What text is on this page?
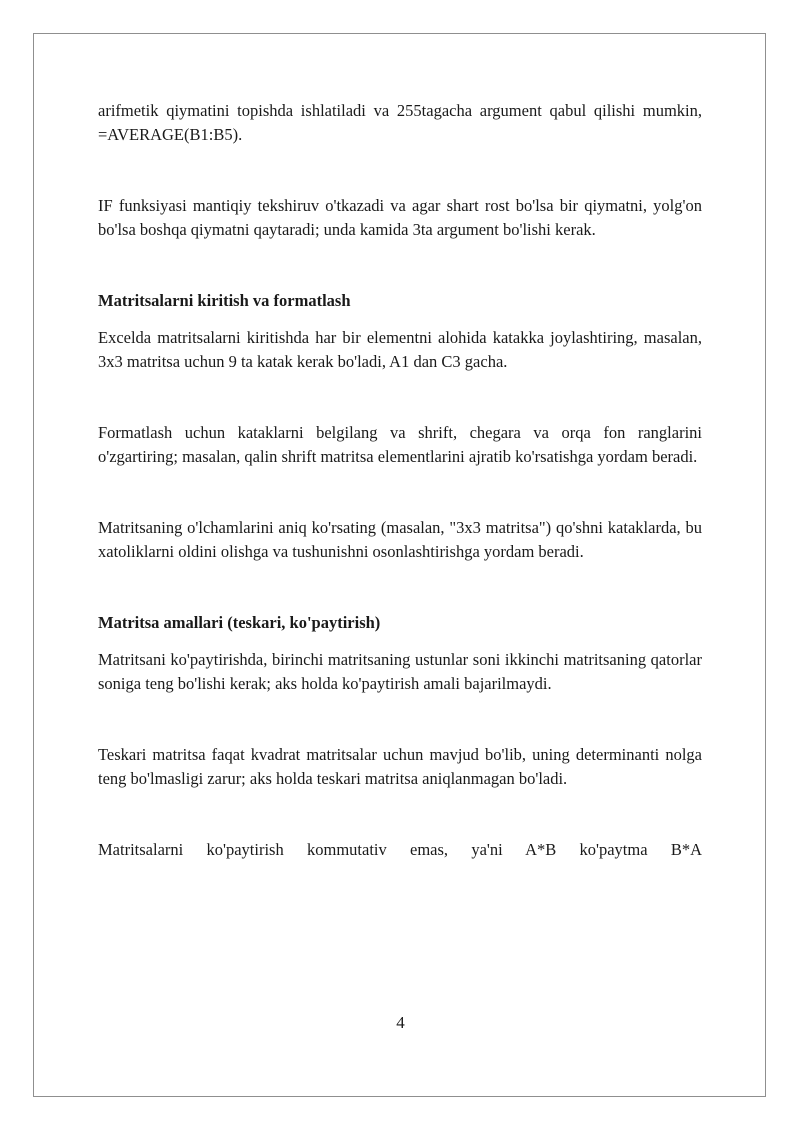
arifmetik qiymatini topishda ishlatiladi va 255tagacha argument qabul qilishi mumkin, =AVERAGE(B1:B5).

IF funksiyasi mantiqiy tekshiruv o'tkazadi va agar shart rost bo'lsa bir qiymatni, yolg'on bo'lsa boshqa qiymatni qaytaradi; unda kamida 3ta argument bo'lishi kerak.

Matritsalarni kiritish va formatlash

Excelda matritsalarni kiritishda har bir elementni alohida katakka joylashtiring, masalan, 3x3 matritsa uchun 9 ta katak kerak bo'ladi, A1 dan C3 gacha.

Formatlash uchun kataklarni belgilang va shrift, chegara va orqa fon ranglarini o'zgartiring; masalan, qalin shrift matritsa elementlarini ajratib ko'rsatishga yordam beradi.

Matritsaning o'lchamlarini aniq ko'rsating (masalan, "3x3 matritsa") qo'shni kataklarda, bu xatoliklarni oldini olishga va tushunishni osonlashtirishga yordam beradi.

Matritsa amallari (teskari, ko'paytirish)

Matritsani ko'paytirishda, birinchi matritsaning ustunlar soni ikkinchi matritsaning qatorlar soniga teng bo'lishi kerak; aks holda ko'paytirish amali bajarilmaydi.

Teskari matritsa faqat kvadrat matritsalar uchun mavjud bo'lib, uning determinanti nolga teng bo'lmasligi zarur; aks holda teskari matritsa aniqlanmagan bo'ladi.

Matritsalarni ko'paytirish kommutativ emas, ya'ni A*B ko'paytma B*A

4
